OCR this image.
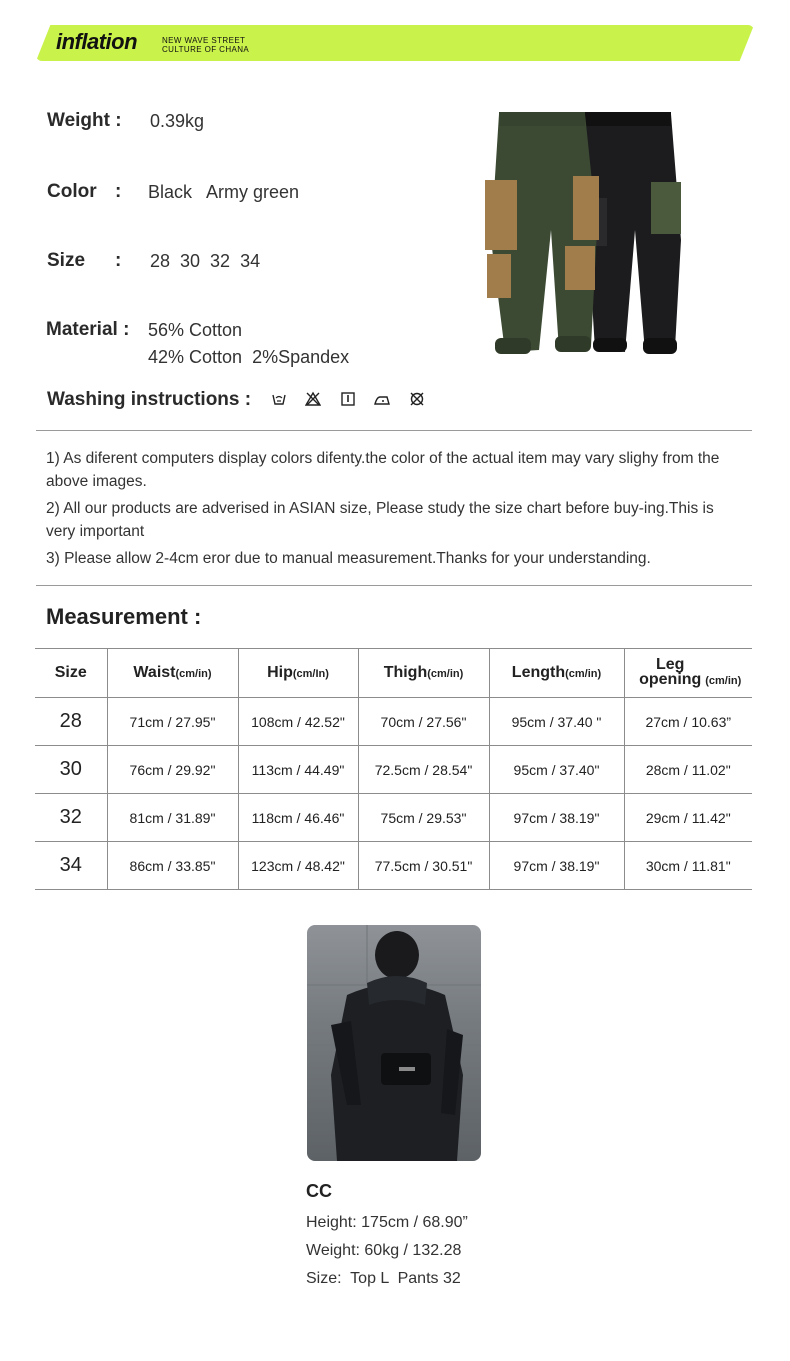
inflation	NEW WAVE STREET
CULTURE OF CHANA
Weight : 0.39kg
Color : Black   Army green
Size : 28  30  32  34
Material : 56% Cotton
42% Cotton  2%Spandex
Washing instructions :
1) As diferent computers display colors difenty.the color of the actual item may vary slighy from the above images.
2) All our products are adverised in ASIAN size, Please study the size chart before buy-ing.This is very important
3) Please allow 2-4cm eror due to manual measurement.Thanks for your understanding.
Measurement :
Size	Waist(cm/in)	Hip(cm/In)	Thigh(cm/in)	Length(cm/in)	Leg opening (cm/in)
28	71cm / 27.95"	108cm / 42.52"	70cm / 27.56"	95cm / 37.40 "	27cm / 10.63”
30	76cm / 29.92"	113cm / 44.49"	72.5cm / 28.54"	95cm / 37.40"	28cm / 11.02"
32	81cm / 31.89"	118cm / 46.46"	75cm / 29.53"	97cm / 38.19"	29cm / 11.42"
34	86cm / 33.85"	123cm / 48.42"	77.5cm / 30.51"	97cm / 38.19"	30cm / 11.81"
CC
Height: 175cm / 68.90”
Weight: 60kg / 132.28
Size:  Top L  Pants 32
